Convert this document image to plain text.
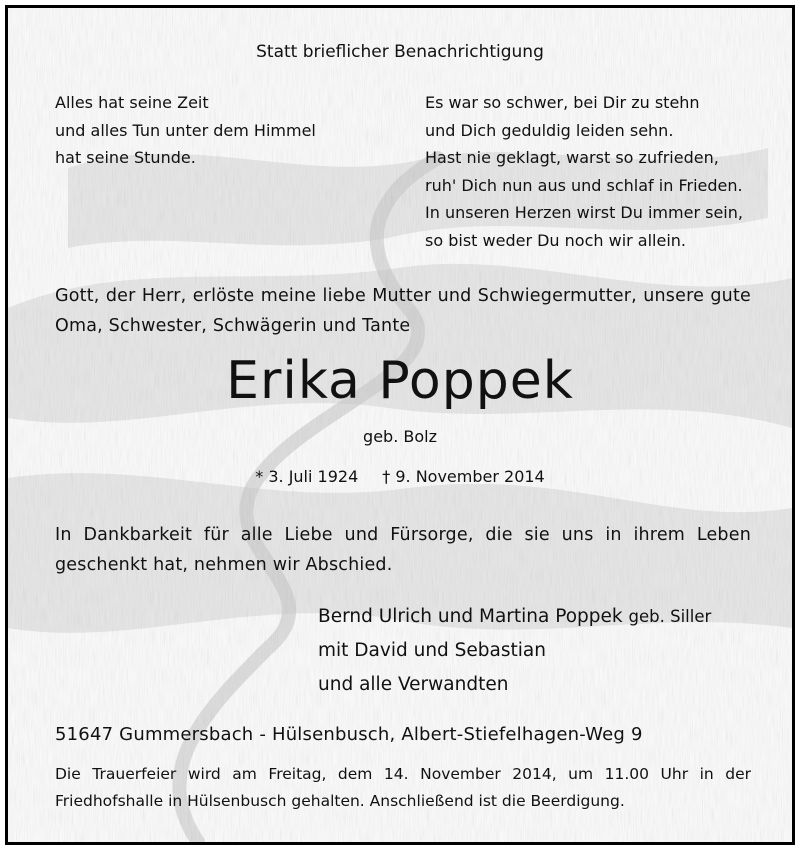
Statt brieflicher Benachrichtigung
Alles hat seine Zeit
und alles Tun unter dem Himmel
hat seine Stunde.
Es war so schwer, bei Dir zu stehn
und Dich geduldig leiden sehn.
Hast nie geklagt, warst so zufrieden,
ruh' Dich nun aus und schlaf in Frieden.
In unseren Herzen wirst Du immer sein,
so bist weder Du noch wir allein.
Gott, der Herr, erlöste meine liebe Mutter und Schwiegermutter, unsere gute Oma, Schwester, Schwägerin und Tante
Erika Poppek
geb. Bolz
* 3. Juli 1924 † 9. November 2014
In Dankbarkeit für alle Liebe und Fürsorge, die sie uns in ihrem Leben geschenkt hat, nehmen wir Abschied.
Bernd Ulrich und Martina Poppek geb. Siller
mit David und Sebastian
und alle Verwandten
51647 Gummersbach - Hülsenbusch, Albert-Stiefelhagen-Weg 9
Die Trauerfeier wird am Freitag, dem 14. November 2014, um 11.00 Uhr in der Friedhofshalle in Hülsenbusch gehalten. Anschließend ist die Beerdigung.
